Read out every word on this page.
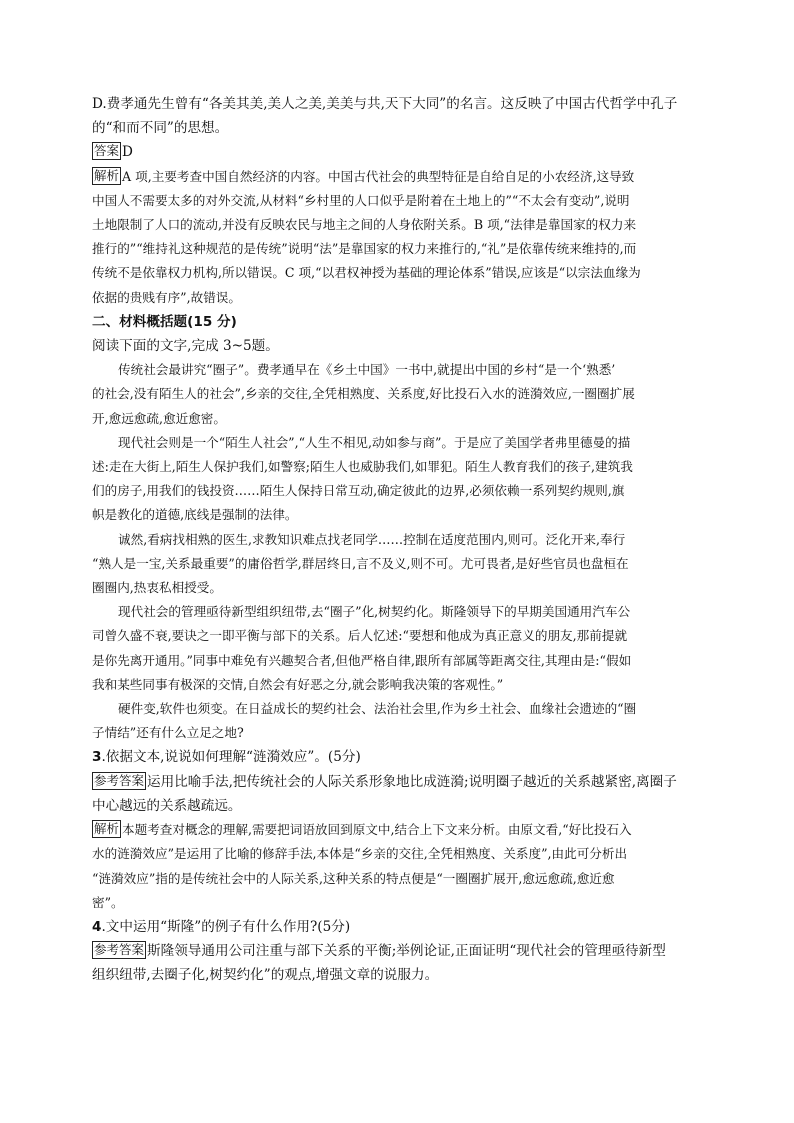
D.费孝通先生曾有“各美其美,美人之美,美美与共,天下大同”的名言。这反映了中国古代哲学中孔子
的“和而不同”的思想。
答案 D
解析 A 项,主要考查中国自然经济的内容。中国古代社会的典型特征是自给自足的小农经济,这导致
中国人不需要太多的对外交流,从材料“乡村里的人口似乎是附着在土地上的”“不太会有变动”,说明
土地限制了人口的流动,并没有反映农民与地主之间的人身依附关系。B 项,“法律是靠国家的权力来
推行的”“维持礼这种规范的是传统”说明“法”是靠国家的权力来推行的,“礼”是依靠传统来维持的,而
传统不是依靠权力机构,所以错误。C 项,“以君权神授为基础的理论体系”错误,应该是“以宗法血缘为
依据的贵贱有序”,故错误。
二、材料概括题(15 分)
阅读下面的文字,完成 3~5题。
传统社会最讲究“圈子”。费孝通早在《乡土中国》一书中,就提出中国的乡村“是一个‘熟悉’
的社会,没有陌生人的社会”,乡亲的交往,全凭相熟度、关系度,好比投石入水的涟漪效应,一圈圈扩展
开,愈远愈疏,愈近愈密。
现代社会则是一个“陌生人社会”,“人生不相见,动如参与商”。于是应了美国学者弗里德曼的描
述:走在大街上,陌生人保护我们,如警察;陌生人也威胁我们,如罪犯。陌生人教育我们的孩子,建筑我
们的房子,用我们的钱投资……陌生人保持日常互动,确定彼此的边界,必须依赖一系列契约规则,旗
帜是教化的道德,底线是强制的法律。
诚然,看病找相熟的医生,求教知识难点找老同学……控制在适度范围内,则可。泛化开来,奉行
“熟人是一宝,关系最重要”的庸俗哲学,群居终日,言不及义,则不可。尤可畏者,是好些官员也盘桓在
圈圈内,热衷私相授受。
现代社会的管理亟待新型组织纽带,去“圈子”化,树契约化。斯隆领导下的早期美国通用汽车公
司曾久盛不衰,要诀之一即平衡与部下的关系。后人忆述:“要想和他成为真正意义的朋友,那前提就
是你先离开通用。”同事中难免有兴趣契合者,但他严格自律,跟所有部属等距离交往,其理由是:“假如
我和某些同事有极深的交情,自然会有好恶之分,就会影响我决策的客观性。”
硬件变,软件也须变。在日益成长的契约社会、法治社会里,作为乡土社会、血缘社会遗迹的“圈
子情结”还有什么立足之地?
3.依据文本,说说如何理解“涟漪效应”。(5分)
参考答案 运用比喻手法,把传统社会的人际关系形象地比成涟漪;说明圈子越近的关系越紧密,离圈子
中心越远的关系越疏远。
解析 本题考查对概念的理解,需要把词语放回到原文中,结合上下文来分析。由原文看,“好比投石入
水的涟漪效应”是运用了比喻的修辞手法,本体是“乡亲的交往,全凭相熟度、关系度”,由此可分析出
“涟漪效应”指的是传统社会中的人际关系,这种关系的特点便是“一圈圈扩展开,愈远愈疏,愈近愈
密”。
4.文中运用“斯隆”的例子有什么作用?(5分)
参考答案 斯隆领导通用公司注重与部下关系的平衡;举例论证,正面证明“现代社会的管理亟待新型
组织纽带,去圈子化,树契约化”的观点,增强文章的说服力。
